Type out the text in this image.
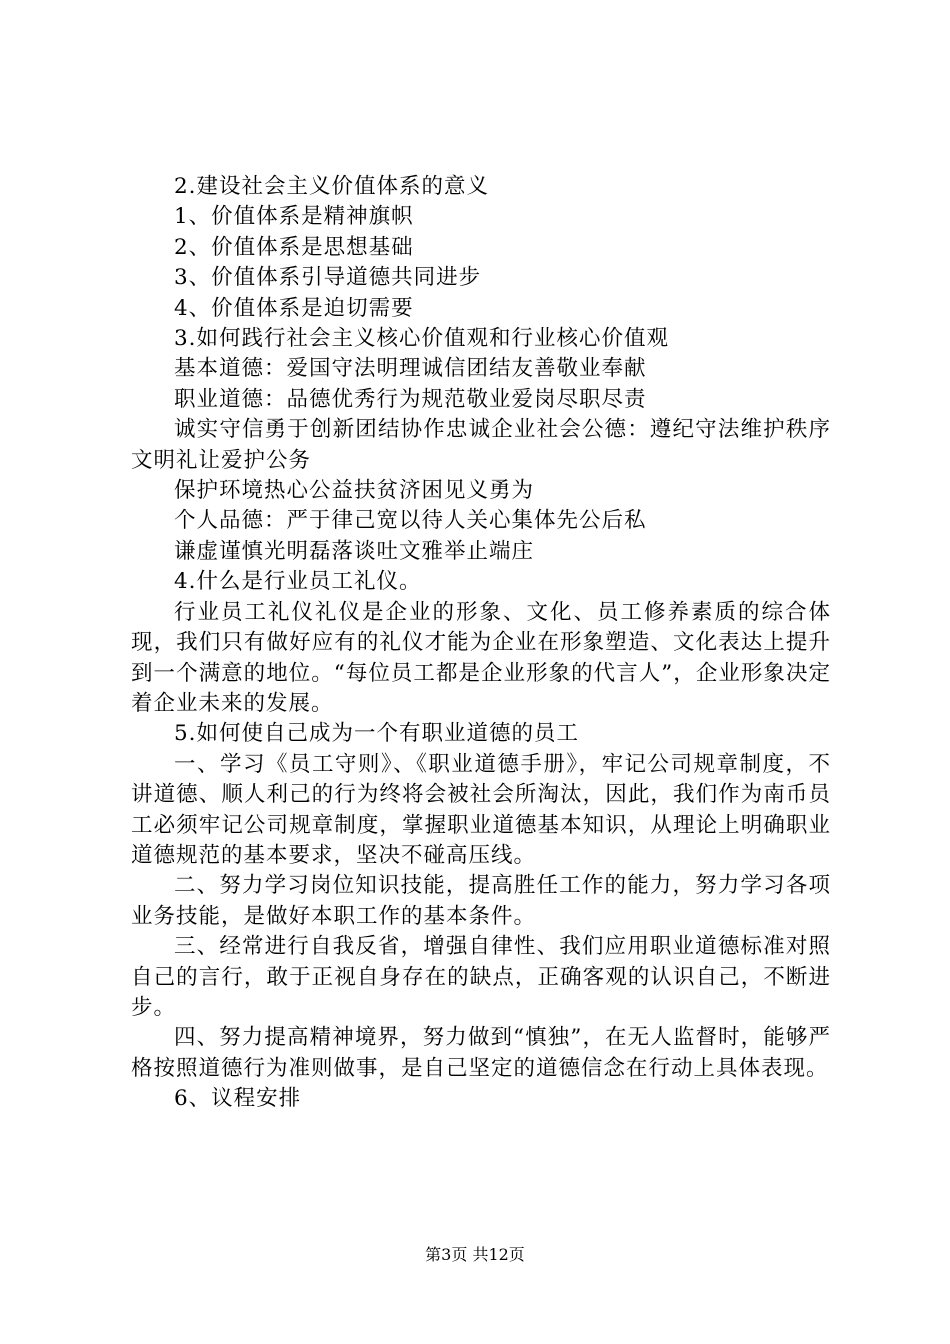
2.建设社会主义价值体系的意义

1、价值体系是精神旗帜

2、价值体系是思想基础

3、价值体系引导道德共同进步

4、价值体系是迫切需要

3.如何践行社会主义核心价值观和行业核心价值观

基本道德：爱国守法明理诚信团结友善敬业奉献

职业道德：品德优秀行为规范敬业爱岗尽职尽责

诚实守信勇于创新团结协作忠诚企业社会公德：遵纪守法维护秩序文明礼让爱护公务

保护环境热心公益扶贫济困见义勇为

个人品德：严于律己宽以待人关心集体先公后私

谦虚谨慎光明磊落谈吐文雅举止端庄

4.什么是行业员工礼仪。

行业员工礼仪礼仪是企业的形象、文化、员工修养素质的综合体现，我们只有做好应有的礼仪才能为企业在形象塑造、文化表达上提升到一个满意的地位。“每位员工都是企业形象的代言人”，企业形象决定着企业未来的发展。

5.如何使自己成为一个有职业道德的员工

一、学习《员工守则》、《职业道德手册》，牢记公司规章制度，不讲道德、顺人利己的行为终将会被社会所淘汰，因此，我们作为南币员工必须牢记公司规章制度，掌握职业道德基本知识，从理论上明确职业道德规范的基本要求，坚决不碰高压线。

二、努力学习岗位知识技能，提高胜任工作的能力，努力学习各项业务技能，是做好本职工作的基本条件。

三、经常进行自我反省，增强自律性、我们应用职业道德标准对照自己的言行，敢于正视自身存在的缺点，正确客观的认识自己，不断进步。

四、努力提高精神境界，努力做到“慎独”，在无人监督时，能够严格按照道德行为准则做事，是自己坚定的道德信念在行动上具体表现。

6、议程安排

第3页 共12页
